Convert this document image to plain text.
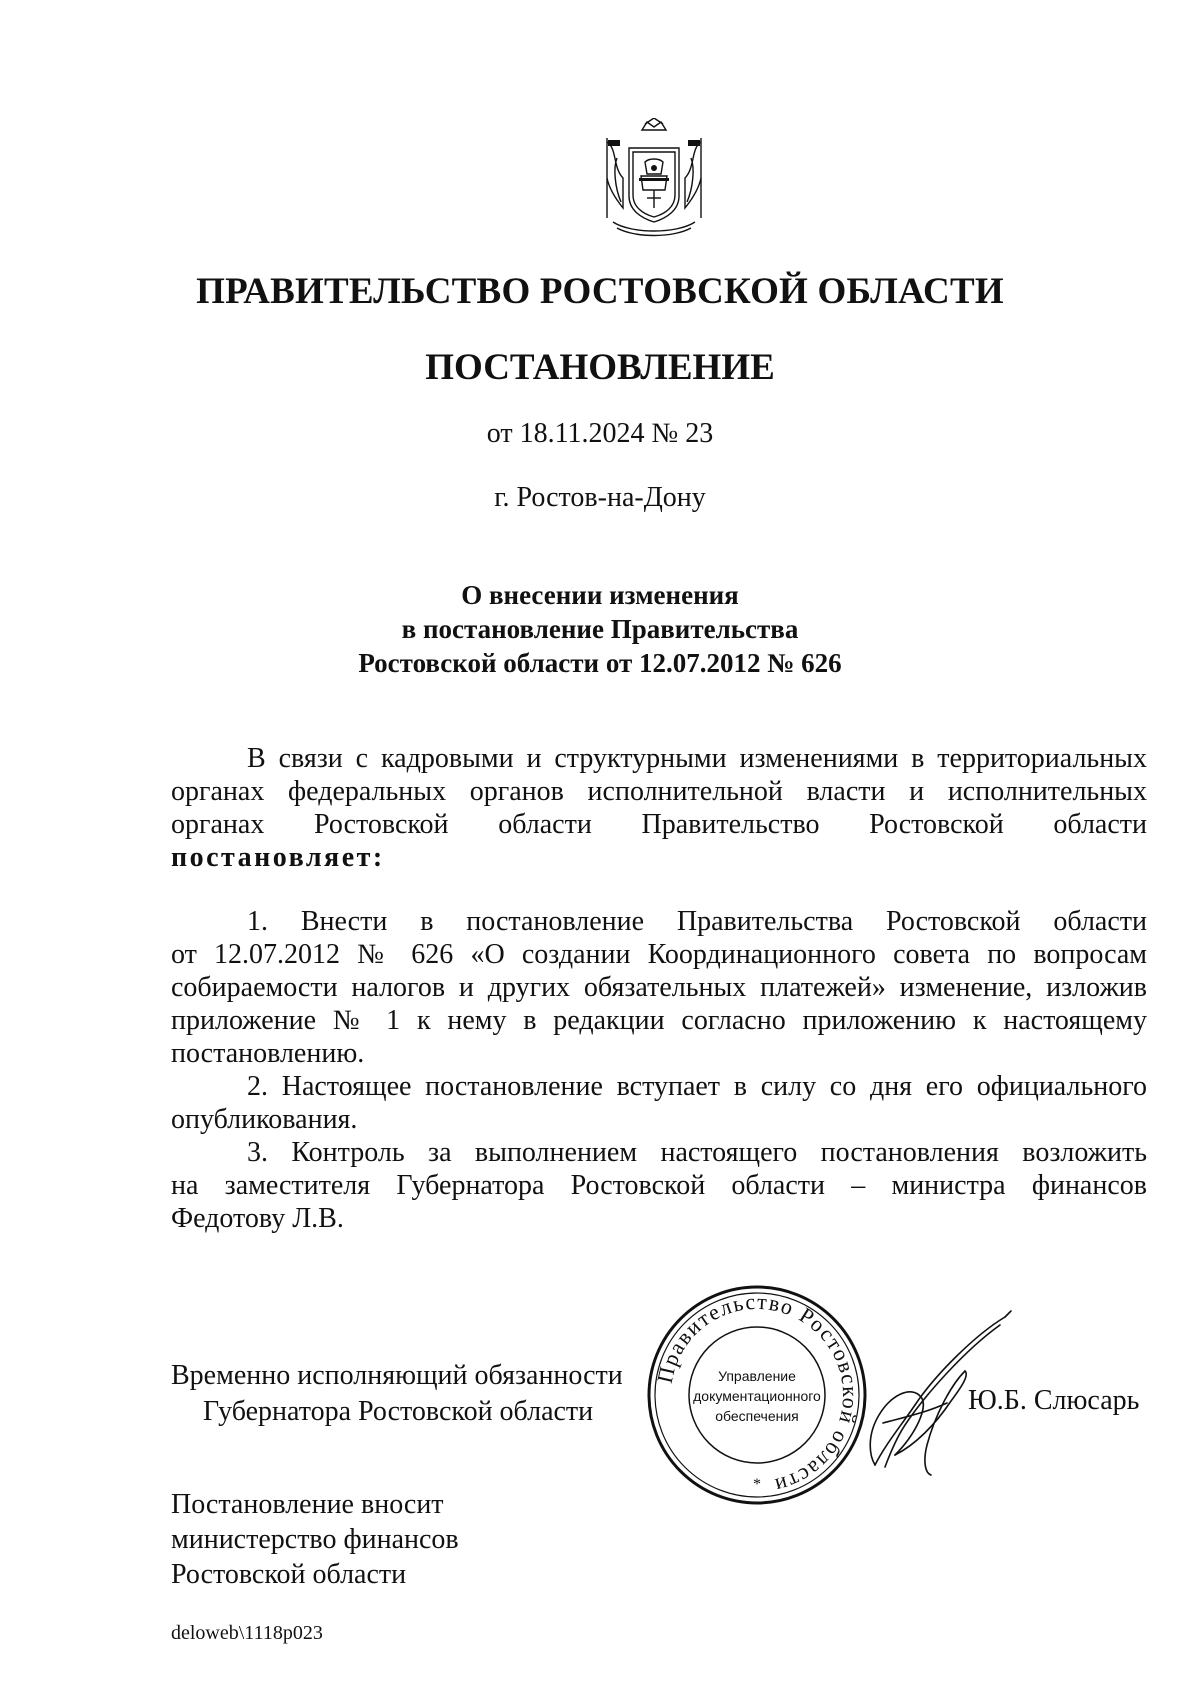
ПРАВИТЕЛЬСТВО РОСТОВСКОЙ ОБЛАСТИ
ПОСТАНОВЛЕНИЕ
от 18.11.2024 № 23
г. Ростов-на-Дону
О внесении изменения
в постановление Правительства
Ростовской области от 12.07.2012 № 626
В связи с кадровыми и структурными изменениями в территориальных
органах федеральных органов исполнительной власти и исполнительных
органах Ростовской области Правительство Ростовской области
постановляет:
1. Внести в постановление Правительства Ростовской области
от 12.07.2012 № 626 «О создании Координационного совета по вопросам
собираемости налогов и других обязательных платежей» изменение, изложив
приложение № 1 к нему в редакции согласно приложению к настоящему
постановлению.
2. Настоящее постановление вступает в силу со дня его официального
опубликования.
3. Контроль за выполнением настоящего постановления возложить
на заместителя Губернатора Ростовской области – министра финансов
Федотову Л.В.
Временно исполняющий обязанности
Губернатора Ростовской области
Правительство Ростовской области
Управление
документационного
обеспечения
*
Ю.Б. Слюсарь
Постановление вносит
министерство финансов
Ростовской области
deloweb\1118p023
